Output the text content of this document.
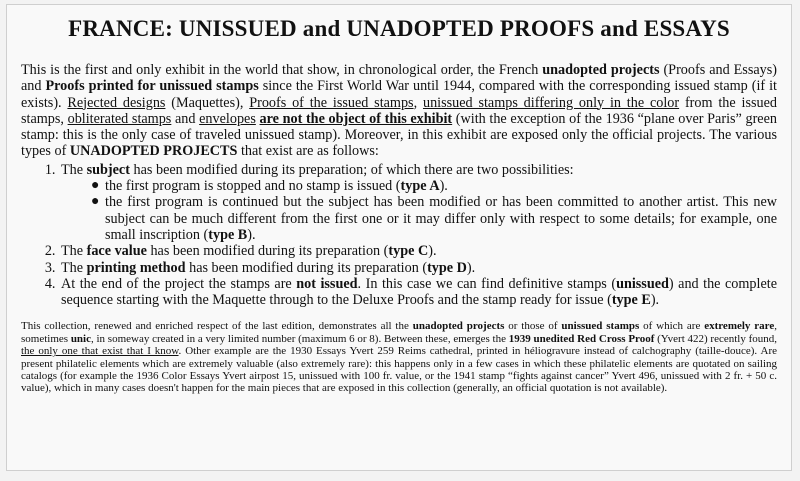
FRANCE: UNISSUED and UNADOPTED PROOFS and ESSAYS

This is the first and only exhibit in the world that show, in chronological order, the French unadopted projects (Proofs and Essays) and Proofs printed for unissued stamps since the First World War until 1944, compared with the corresponding issued stamp (if it exists). Rejected designs (Maquettes), Proofs of the issued stamps, unissued stamps differing only in the color from the issued stamps, obliterated stamps and envelopes are not the object of this exhibit (with the exception of the 1936 “plane over Paris” green stamp: this is the only case of traveled unissued stamp). Moreover, in this exhibit are exposed only the official projects. The various types of UNADOPTED PROJECTS that exist are as follows:

1. The subject has been modified during its preparation; of which there are two possibilities:
● the first program is stopped and no stamp is issued (type A).
● the first program is continued but the subject has been modified or has been committed to another artist. This new subject can be much different from the first one or it may differ only with respect to some details; for example, one small inscription (type B).
2. The face value has been modified during its preparation (type C).
3. The printing method has been modified during its preparation (type D).
4. At the end of the project the stamps are not issued. In this case we can find definitive stamps (unissued) and the complete sequence starting with the Maquette through to the Deluxe Proofs and the stamp ready for issue (type E).

This collection, renewed and enriched respect of the last edition, demonstrates all the unadopted projects or those of unissued stamps of which are extremely rare, sometimes unic, in someway created in a very limited number (maximum 6 or 8). Between these, emerges the 1939 unedited Red Cross Proof (Yvert 422) recently found, the only one that exist that I know. Other example are the 1930 Essays Yvert 259 Reims cathedral, printed in héliogravure instead of calchography (taille-douce). Are present philatelic elements which are extremely valuable (also extremely rare): this happens only in a few cases in which these philatelic elements are quotated on sailing catalogs (for example the 1936 Color Essays Yvert airpost 15, unissued with 100 fr. value, or the 1941 stamp “fights against cancer” Yvert 496, unissued with 2 fr. + 50 c. value), which in many cases doesn't happen for the main pieces that are exposed in this collection (generally, an official quotation is not available).
